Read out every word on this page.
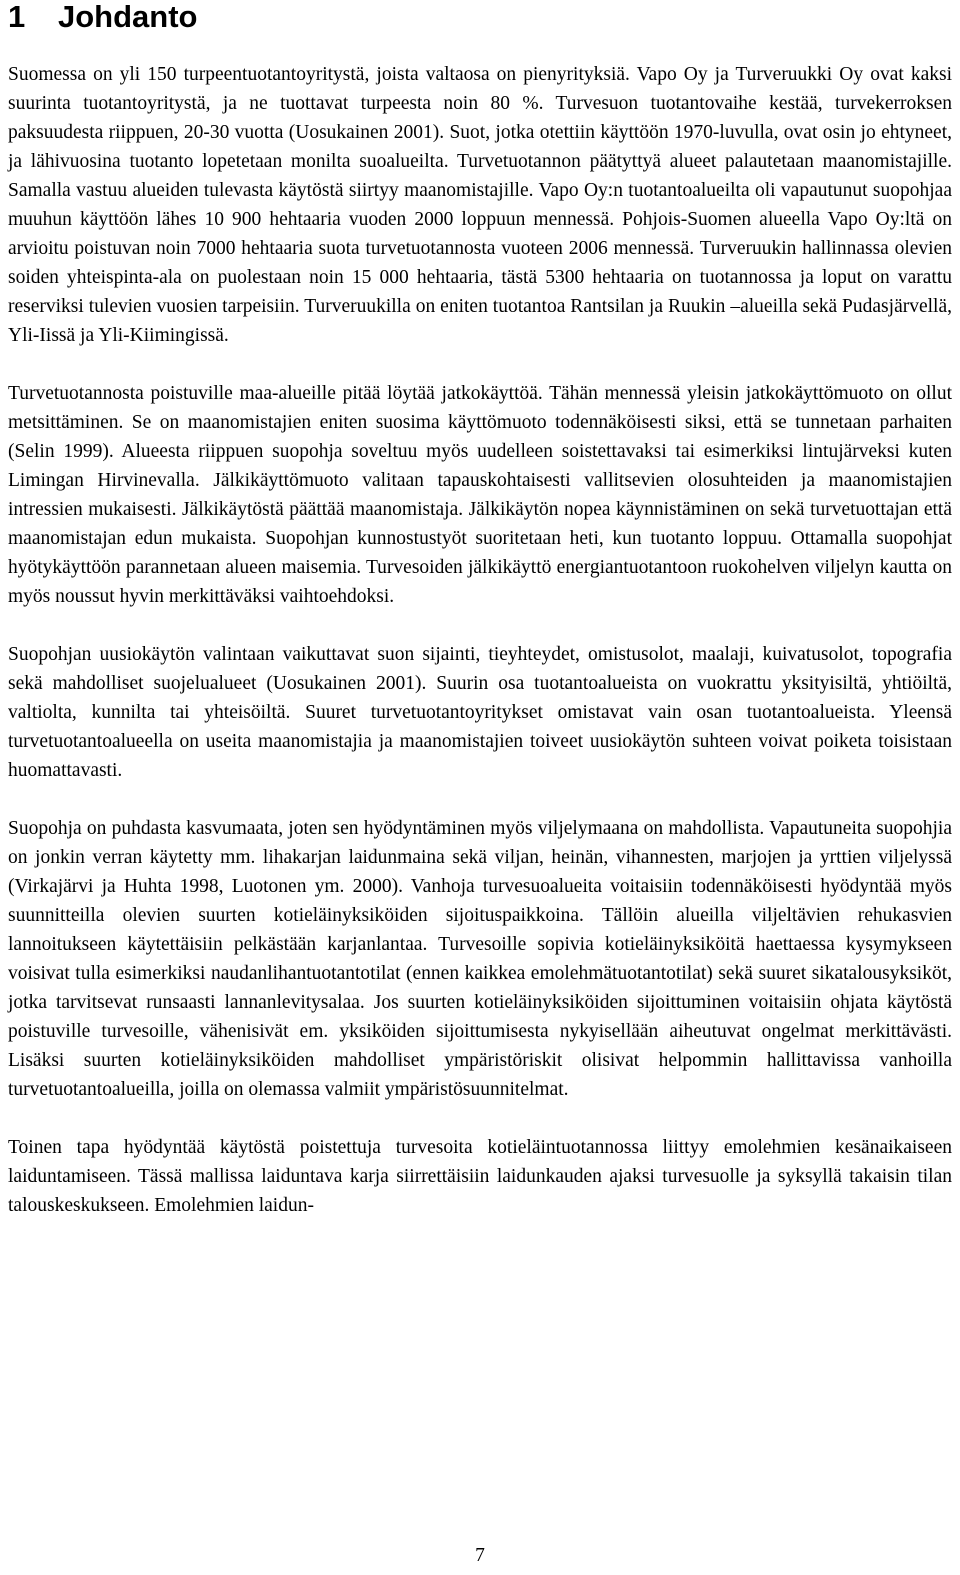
1 Johdanto

Suomessa on yli 150 turpeentuotantoyritystä, joista valtaosa on pienyrityksiä. Vapo Oy ja Turveruukki Oy ovat kaksi suurinta tuotantoyritystä, ja ne tuottavat turpeesta noin 80 %. Turvesuon tuotantovaihe kestää, turvekerroksen paksuudesta riippuen, 20-30 vuotta (Uosukainen 2001). Suot, jotka otettiin käyttöön 1970-luvulla, ovat osin jo ehtyneet, ja lähivuosina tuotanto lopetetaan monilta suoalueilta. Turvetuotannon päätyttyä alueet palautetaan maanomistajille. Samalla vastuu alueiden tulevasta käytöstä siirtyy maanomistajille. Vapo Oy:n tuotantoalueilta oli vapautunut suopohjaa muuhun käyttöön lähes 10 900 hehtaaria vuoden 2000 loppuun mennessä. Pohjois-Suomen alueella Vapo Oy:ltä on arvioitu poistuvan noin 7000 hehtaaria suota turvetuotannosta vuoteen 2006 mennessä. Turveruukin hallinnassa olevien soiden yhteispinta-ala on puolestaan noin 15 000 hehtaaria, tästä 5300 hehtaaria on tuotannossa ja loput on varattu reserviksi tulevien vuosien tarpeisiin. Turveruukilla on eniten tuotantoa Rantsilan ja Ruukin –alueilla sekä Pudasjärvellä, Yli-Iissä ja Yli-Kiimingissä.

Turvetuotannosta poistuville maa-alueille pitää löytää jatkokäyttöä. Tähän mennessä yleisin jatkokäyttömuoto on ollut metsittäminen. Se on maanomistajien eniten suosima käyttömuoto todennäköisesti siksi, että se tunnetaan parhaiten (Selin 1999). Alueesta riippuen suopohja soveltuu myös uudelleen soistettavaksi tai esimerkiksi lintujärveksi kuten Limingan Hirvinevalla. Jälkikäyttömuoto valitaan tapauskohtaisesti vallitsevien olosuhteiden ja maanomistajien intressien mukaisesti. Jälkikäytöstä päättää maanomistaja. Jälkikäytön nopea käynnistäminen on sekä turvetuottajan että maanomistajan edun mukaista. Suopohjan kunnostustyöt suoritetaan heti, kun tuotanto loppuu. Ottamalla suopohjat hyötykäyttöön parannetaan alueen maisemia. Turvesoiden jälkikäyttö energiantuotantoon ruokohelven viljelyn kautta on myös noussut hyvin merkittäväksi vaihtoehdoksi.

Suopohjan uusiokäytön valintaan vaikuttavat suon sijainti, tieyhteydet, omistusolot, maalaji, kuivatusolot, topografia sekä mahdolliset suojelualueet (Uosukainen 2001). Suurin osa tuotantoalueista on vuokrattu yksityisiltä, yhtiöiltä, valtiolta, kunnilta tai yhteisöiltä. Suuret turvetuotantoyritykset omistavat vain osan tuotantoalueista. Yleensä turvetuotantoalueella on useita maanomistajia ja maanomistajien toiveet uusiokäytön suhteen voivat poiketa toisistaan huomattavasti.

Suopohja on puhdasta kasvumaata, joten sen hyödyntäminen myös viljelymaana on mahdollista. Vapautuneita suopohjia on jonkin verran käytetty mm. lihakarjan laidunmaina sekä viljan, heinän, vihannesten, marjojen ja yrttien viljelyssä (Virkajärvi ja Huhta 1998, Luotonen ym. 2000). Vanhoja turvesuoalueita voitaisiin todennäköisesti hyödyntää myös suunnitteilla olevien suurten kotieläinyksiköiden sijoituspaikkoina. Tällöin alueilla viljeltävien rehukasvien lannoitukseen käytettäisiin pelkästään karjanlantaa. Turvesoille sopivia kotieläinyksiköitä haettaessa kysymykseen voisivat tulla esimerkiksi naudanlihantuotantotilat (ennen kaikkea emolehmätuotantotilat) sekä suuret sikatalousyksiköt, jotka tarvitsevat runsaasti lannanlevitysalaa. Jos suurten kotieläinyksiköiden sijoittuminen voitaisiin ohjata käytöstä poistuville turvesoille, vähenisivät em. yksiköiden sijoittumisesta nykyisellään aiheutuvat ongelmat merkittävästi. Lisäksi suurten kotieläinyksiköiden mahdolliset ympäristöriskit olisivat helpommin hallittavissa vanhoilla turvetuotantoalueilla, joilla on olemassa valmiit ympäristösuunnitelmat.

Toinen tapa hyödyntää käytöstä poistettuja turvesoita kotieläintuotannossa liittyy emolehmien kesänaikaiseen laiduntamiseen. Tässä mallissa laiduntava karja siirrettäisiin laidunkauden ajaksi turvesuolle ja syksyllä takaisin tilan talouskeskukseen. Emolehmien laidun-

7
